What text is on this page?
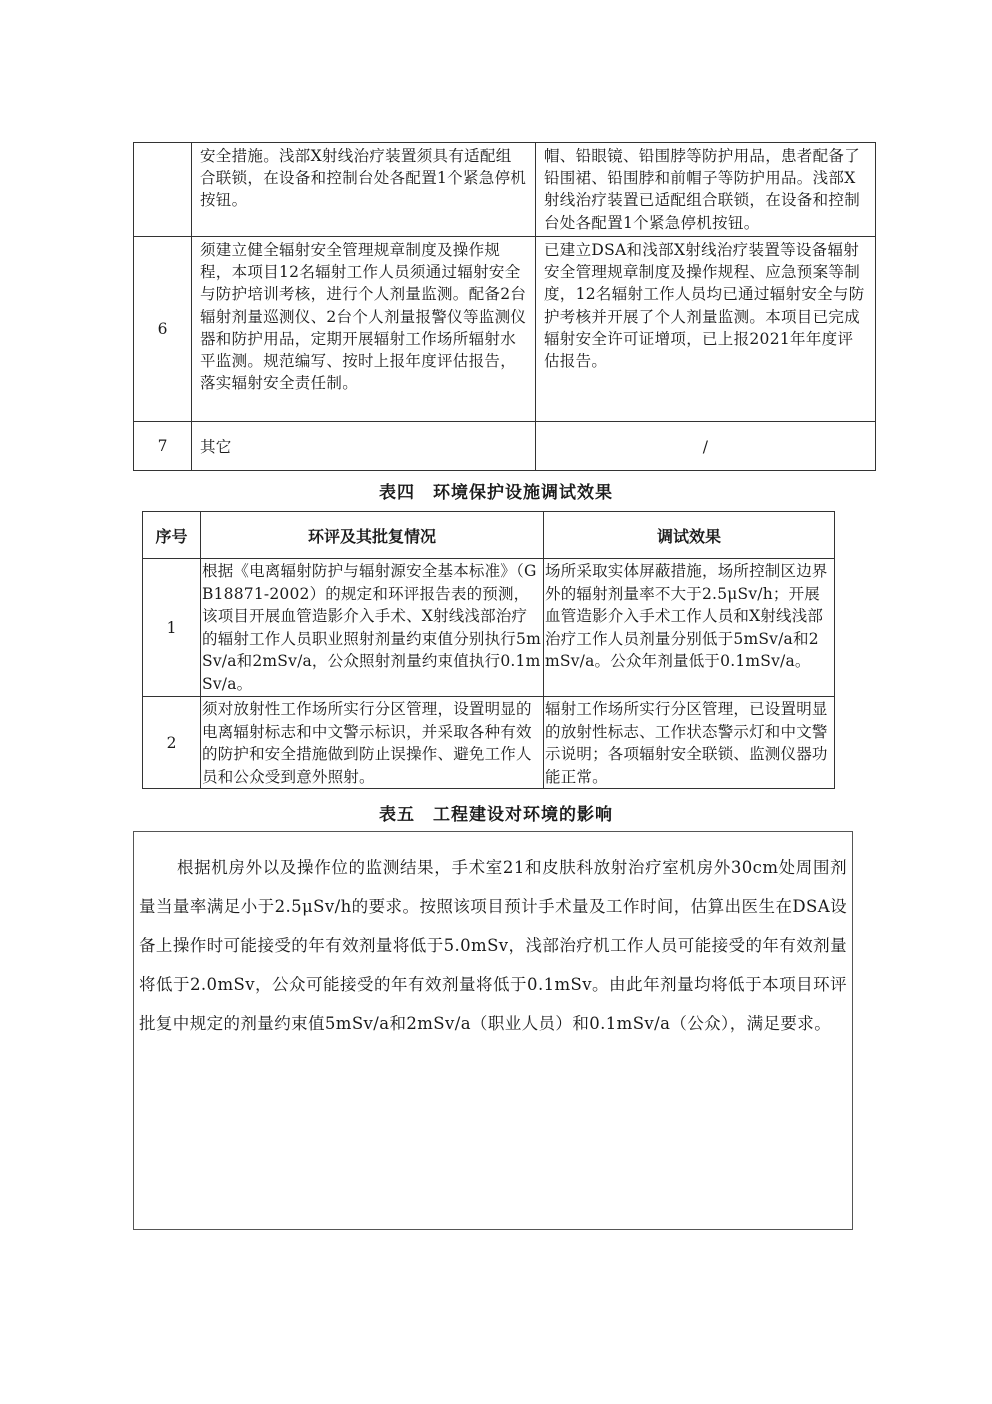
	安全措施。浅部X射线治疗装置须具有适配组合联锁，在设备和控制台处各配置1个紧急停机按钮。	帽、铅眼镜、铅围脖等防护用品，患者配备了铅围裙、铅围脖和前帽子等防护用品。浅部X射线治疗装置已适配组合联锁，在设备和控制台处各配置1个紧急停机按钮。
6	须建立健全辐射安全管理规章制度及操作规程，本项目12名辐射工作人员须通过辐射安全与防护培训考核，进行个人剂量监测。配备2台辐射剂量巡测仪、2台个人剂量报警仪等监测仪器和防护用品，定期开展辐射工作场所辐射水平监测。规范编写、按时上报年度评估报告，落实辐射安全责任制。	已建立DSA和浅部X射线治疗装置等设备辐射安全管理规章制度及操作规程、应急预案等制度，12名辐射工作人员均已通过辐射安全与防护考核并开展了个人剂量监测。本项目已完成辐射安全许可证增项，已上报2021年年度评估报告。
7	其它	/
表四　环境保护设施调试效果
序号	环评及其批复情况	调试效果
1	根据《电离辐射防护与辐射源安全基本标准》（GB18871-2002）的规定和环评报告表的预测，该项目开展血管造影介入手术、X射线浅部治疗的辐射工作人员职业照射剂量约束值分别执行5mSv/a和2mSv/a，公众照射剂量约束值执行0.1mSv/a。	场所采取实体屏蔽措施，场所控制区边界外的辐射剂量率不大于2.5μSv/h；开展血管造影介入手术工作人员和X射线浅部治疗工作人员剂量分别低于5mSv/a和2mSv/a。公众年剂量低于0.1mSv/a。
2	须对放射性工作场所实行分区管理，设置明显的电离辐射标志和中文警示标识，并采取各种有效的防护和安全措施做到防止误操作、避免工作人员和公众受到意外照射。	辐射工作场所实行分区管理，已设置明显的放射性标志、工作状态警示灯和中文警示说明；各项辐射安全联锁、监测仪器功能正常。
表五　工程建设对环境的影响

根据机房外以及操作位的监测结果，手术室21和皮肤科放射治疗室机房外30cm处周围剂量当量率满足小于2.5μSv/h的要求。按照该项目预计手术量及工作时间，估算出医生在DSA设备上操作时可能接受的年有效剂量将低于5.0mSv，浅部治疗机工作人员可能接受的年有效剂量将低于2.0mSv，公众可能接受的年有效剂量将低于0.1mSv。由此年剂量均将低于本项目环评批复中规定的剂量约束值5mSv/a和2mSv/a（职业人员）和0.1mSv/a（公众），满足要求。
